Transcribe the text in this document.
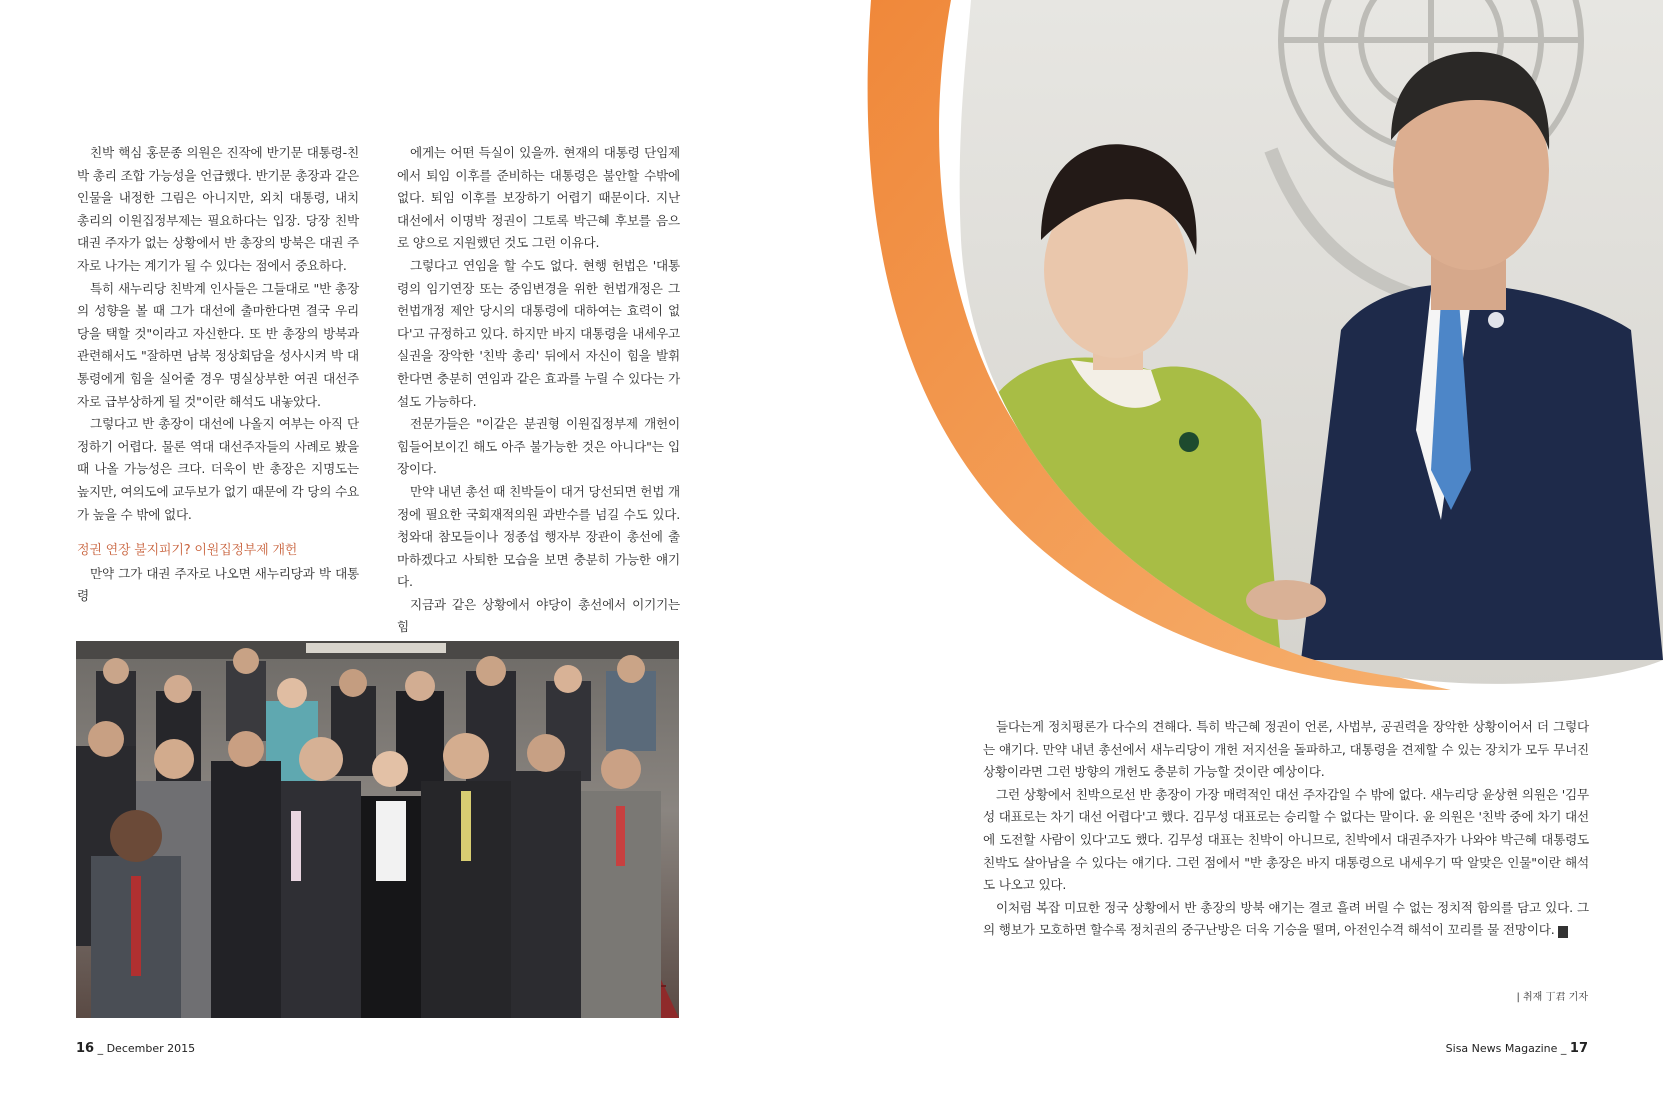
친박 핵심 홍문종 의원은 진작에 반기문 대통령-친박 총리 조합 가능성을 언급했다. 반기문 총장과 같은 인물을 내정한 그림은 아니지만, 외치 대통령, 내치 총리의 이원집정부제는 필요하다는 입장. 당장 친박 대권 주자가 없는 상황에서 반 총장의 방북은 대권 주자로 나가는 계기가 될 수 있다는 점에서 중요하다.

특히 새누리당 친박계 인사들은 그들대로 "반 총장의 성향을 볼 때 그가 대선에 출마한다면 결국 우리 당을 택할 것"이라고 자신한다. 또 반 총장의 방북과 관련해서도 "잘하면 남북 정상회담을 성사시켜 박 대통령에게 힘을 실어줄 경우 명실상부한 여권 대선주자로 급부상하게 될 것"이란 해석도 내놓았다.

그렇다고 반 총장이 대선에 나올지 여부는 아직 단정하기 어렵다. 물론 역대 대선주자들의 사례로 봤을 때 나올 가능성은 크다. 더욱이 반 총장은 지명도는 높지만, 여의도에 교두보가 없기 때문에 각 당의 수요가 높을 수 밖에 없다.

정권 연장 불지피기? 이원집정부제 개헌

만약 그가 대권 주자로 나오면 새누리당과 박 대통령

에게는 어떤 득실이 있을까. 현재의 대통령 단임제에서 퇴임 이후를 준비하는 대통령은 불안할 수밖에 없다. 퇴임 이후를 보장하기 어렵기 때문이다. 지난 대선에서 이명박 정권이 그토록 박근혜 후보를 음으로 양으로 지원했던 것도 그런 이유다.

그렇다고 연임을 할 수도 없다. 현행 헌법은 '대통령의 임기연장 또는 중임변경을 위한 헌법개정은 그 헌법개정 제안 당시의 대통령에 대하여는 효력이 없다'고 규정하고 있다. 하지만 바지 대통령을 내세우고 실권을 장악한 '친박 총리' 뒤에서 자신이 힘을 발휘한다면 충분히 연임과 같은 효과를 누릴 수 있다는 가설도 가능하다.

전문가들은 "이같은 분권형 이원집정부제 개헌이 힘들어보이긴 해도 아주 불가능한 것은 아니다"는 입장이다.

만약 내년 총선 때 친박들이 대거 당선되면 헌법 개정에 필요한 국회재적의원 과반수를 넘길 수도 있다. 청와대 참모들이나 정종섭 행자부 장관이 총선에 출마하겠다고 사퇴한 모습을 보면 충분히 가능한 얘기다.

지금과 같은 상황에서 야당이 총선에서 이기기는 힘

16 _ December 2015

들다는게 정치평론가 다수의 견해다. 특히 박근혜 정권이 언론, 사법부, 공권력을 장악한 상황이어서 더 그렇다는 얘기다. 만약 내년 총선에서 새누리당이 개헌 저지선을 돌파하고, 대통령을 견제할 수 있는 장치가 모두 무너진 상황이라면 그런 방향의 개헌도 충분히 가능할 것이란 예상이다.

그런 상황에서 친박으로선 반 총장이 가장 매력적인 대선 주자감일 수 밖에 없다. 새누리당 윤상현 의원은 '김무성 대표로는 차기 대선 어렵다'고 했다. 김무성 대표로는 승리할 수 없다는 말이다. 윤 의원은 '친박 중에 차기 대선에 도전할 사람이 있다'고도 했다. 김무성 대표는 친박이 아니므로, 친박에서 대권주자가 나와야 박근혜 대통령도 친박도 살아남을 수 있다는 얘기다. 그런 점에서 "반 총장은 바지 대통령으로 내세우기 딱 알맞은 인물"이란 해석도 나오고 있다.

이처럼 복잡 미묘한 정국 상황에서 반 총장의 방북 얘기는 결코 흘려 버릴 수 없는 정치적 함의를 담고 있다. 그의 행보가 모호하면 할수록 정치권의 중구난방은 더욱 기승을 떨며, 아전인수격 해석이 꼬리를 물 전망이다. S

| 취재 丁君 기자
Sisa News Magazine _ 17
